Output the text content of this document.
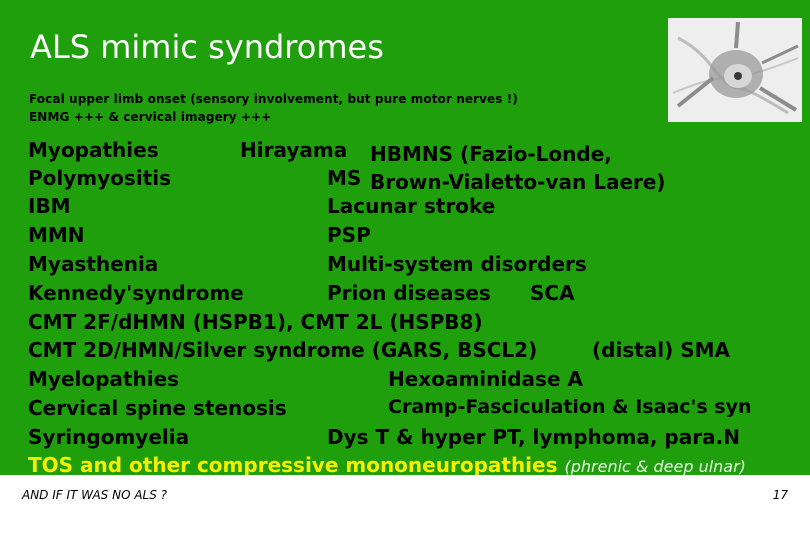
ALS mimic syndromes
Focal upper limb onset (sensory involvement, but pure motor nerves !)
ENMG +++ & cervical imagery +++
Myopathies	Hirayama HBMNS (Fazio-Londe,
Polymyositis	MS Brown-Vialetto-van Laere)
IBM	Lacunar stroke
MMN	PSP
Myasthenia	Multi-system disorders
Kennedy'syndrome	Prion diseases SCA
CMT 2F/dHMN (HSPB1), CMT 2L (HSPB8)
CMT 2D/HMN/Silver syndrome (GARS, BSCL2)	(distal) SMA
Myelopathies	Hexoaminidase A
Cervical spine stenosis	Cramp-Fasciculation & Isaac's syn
Syringomyelia	Dys T & hyper PT, lymphoma, para.N
TOS and other compressive mononeuropathies (phrenic & deep ulnar)
AND IF IT WAS NO ALS ?	17
